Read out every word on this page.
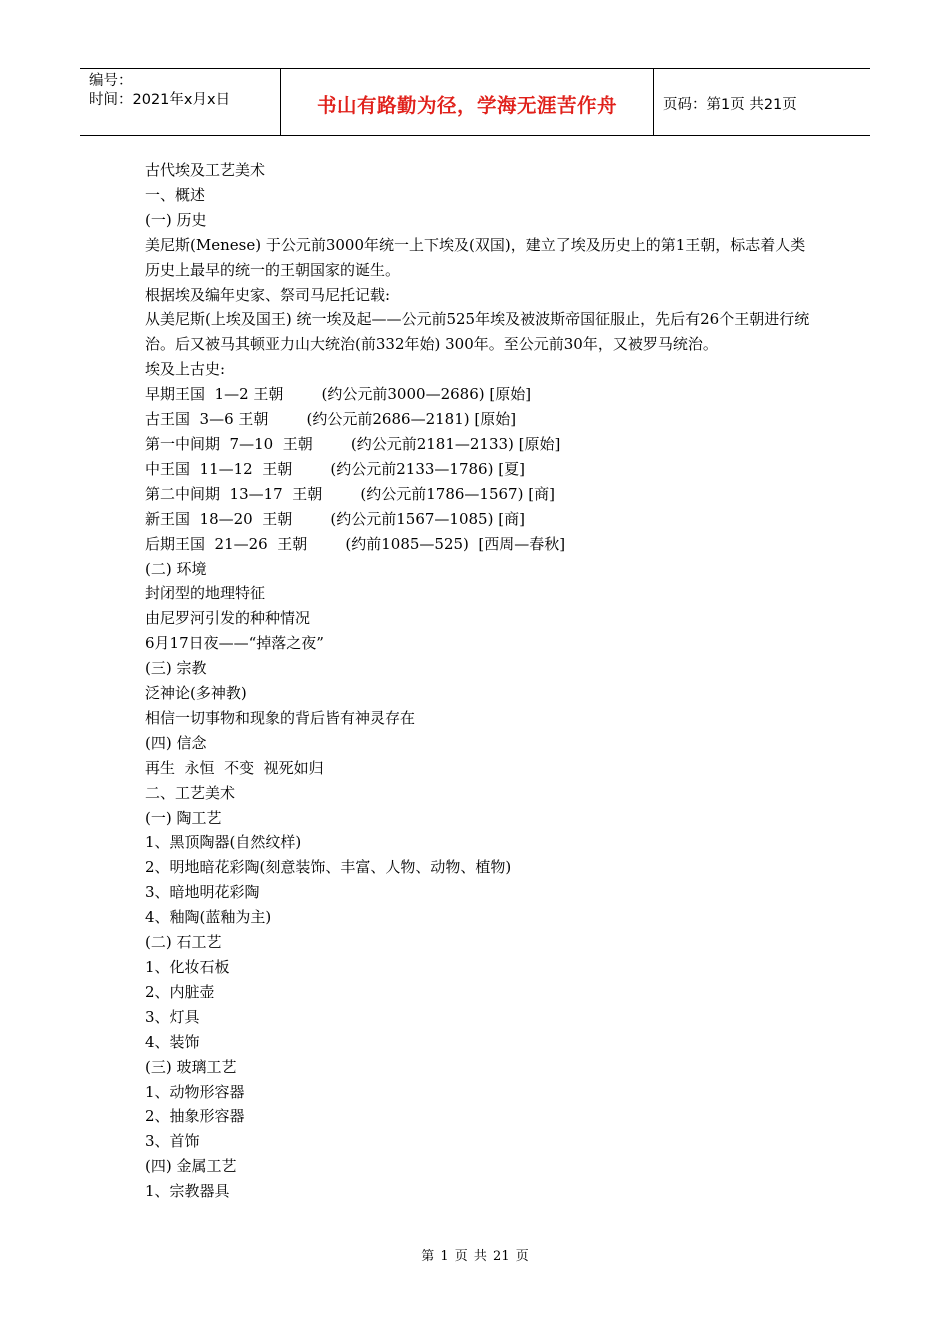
编号：
时间：2021年x月x日	书山有路勤为径，学海无涯苦作舟	页码：第1页 共21页

古代埃及工艺美术

一、概述

(一) 历史

美尼斯(Menese) 于公元前3000年统一上下埃及(双国)，建立了埃及历史上的第1王朝，标志着人类历史上最早的统一的王朝国家的诞生。

根据埃及编年史家、祭司马尼托记载:

从美尼斯(上埃及国王) 统一埃及起——公元前525年埃及被波斯帝国征服止，先后有26个王朝进行统治。后又被马其顿亚力山大统治(前332年始) 300年。至公元前30年，又被罗马统治。

埃及上古史:

早期王国  1—2 王朝        (约公元前3000—2686) [原始]

古王国  3—6 王朝        (约公元前2686—2181) [原始]

第一中间期  7—10  王朝        (约公元前2181—2133) [原始]

中王国  11—12  王朝        (约公元前2133—1786) [夏]

第二中间期  13—17  王朝        (约公元前1786—1567) [商]

新王国  18—20  王朝        (约公元前1567—1085) [商]

后期王国  21—26  王朝        (约前1085—525)  [西周—春秋]

(二) 环境

封闭型的地理特征

由尼罗河引发的种种情况

6月17日夜——“掉落之夜”

(三) 宗教

泛神论(多神教)

相信一切事物和现象的背后皆有神灵存在

(四) 信念

再生  永恒  不变  视死如归

二、工艺美术

(一) 陶工艺

1、黑顶陶器(自然纹样)

2、明地暗花彩陶(刻意装饰、丰富、人物、动物、植物)

3、暗地明花彩陶

4、釉陶(蓝釉为主)

(二) 石工艺

1、化妆石板

2、内脏壶

3、灯具

4、装饰

(三) 玻璃工艺

1、动物形容器

2、抽象形容器

3、首饰

(四) 金属工艺

1、宗教器具

第 1 页 共 21 页
